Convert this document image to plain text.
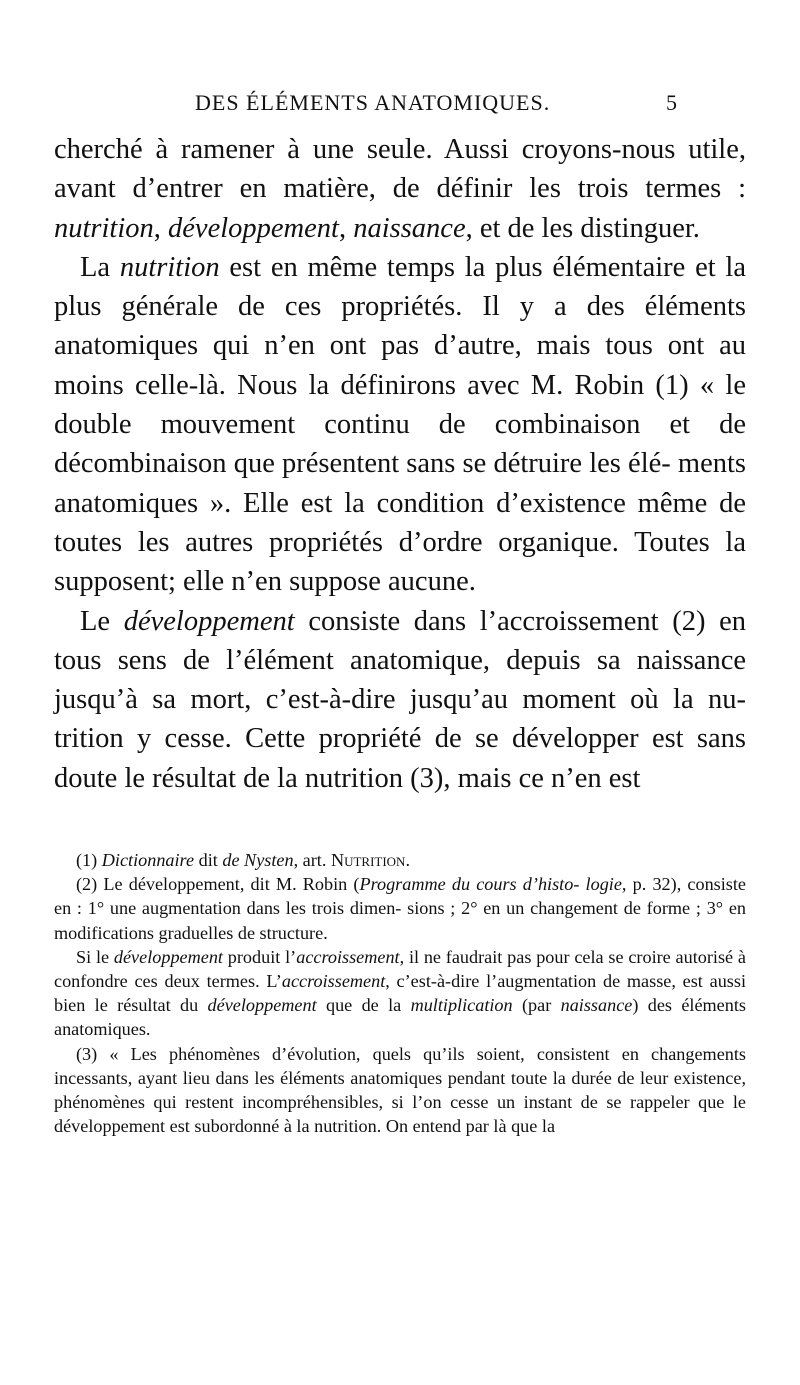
DES ÉLÉMENTS ANATOMIQUES.	5

cherché à ramener à une seule. Aussi croyons-nous utile, avant d’entrer en matière, de définir les trois termes : nutrition, développement, naissance, et de les distinguer.

La nutrition est en même temps la plus élémentaire et la plus générale de ces propriétés. Il y a des éléments anatomiques qui n’en ont pas d’autre, mais tous ont au moins celle-là. Nous la définirons avec M. Robin (1) « le double mouvement continu de combinaison et de décombinaison que présentent sans se détruire les élé- ments anatomiques ». Elle est la condition d’existence même de toutes les autres propriétés d’ordre organique. Toutes la supposent; elle n’en suppose aucune.

Le développement consiste dans l’accroissement (2) en tous sens de l’élément anatomique, depuis sa naissance jusqu’à sa mort, c’est-à-dire jusqu’au moment où la nu- trition y cesse. Cette propriété de se développer est sans doute le résultat de la nutrition (3), mais ce n’en est

(1) Dictionnaire dit de Nysten, art. Nutrition.

(2) Le développement, dit M. Robin (Programme du cours d’histo- logie, p. 32), consiste en : 1° une augmentation dans les trois dimen- sions ; 2° en un changement de forme ; 3° en modifications graduelles de structure.

Si le développement produit l’accroissement, il ne faudrait pas pour cela se croire autorisé à confondre ces deux termes. L’accroissement, c’est-à-dire l’augmentation de masse, est aussi bien le résultat du développement que de la multiplication (par naissance) des éléments anatomiques.

(3) « Les phénomènes d’évolution, quels qu’ils soient, consistent en changements incessants, ayant lieu dans les éléments anatomiques pendant toute la durée de leur existence, phénomènes qui restent incompréhensibles, si l’on cesse un instant de se rappeler que le développement est subordonné à la nutrition. On entend par là que la
